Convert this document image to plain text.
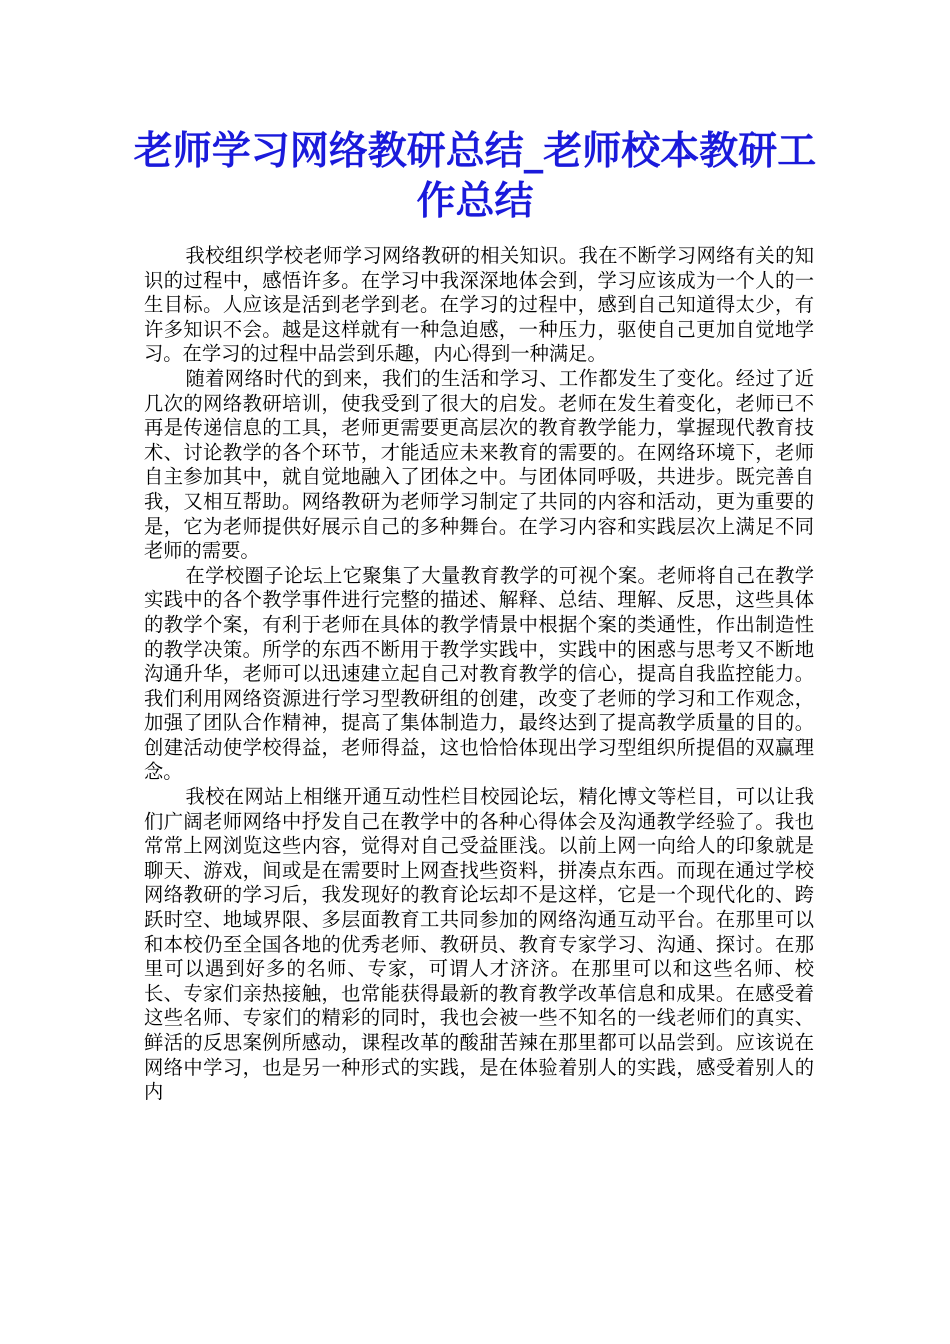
老师学习网络教研总结_老师校本教研工作总结

我校组织学校老师学习网络教研的相关知识。我在不断学习网络有关的知识的过程中，感悟许多。在学习中我深深地体会到，学习应该成为一个人的一生目标。人应该是活到老学到老。在学习的过程中，感到自己知道得太少，有许多知识不会。越是这样就有一种急迫感，一种压力，驱使自己更加自觉地学习。在学习的过程中品尝到乐趣，内心得到一种满足。

随着网络时代的到来，我们的生活和学习、工作都发生了变化。经过了近几次的网络教研培训，使我受到了很大的启发。老师在发生着变化，老师已不再是传递信息的工具，老师更需要更高层次的教育教学能力，掌握现代教育技术、讨论教学的各个环节，才能适应未来教育的需要的。在网络环境下，老师自主参加其中，就自觉地融入了团体之中。与团体同呼吸，共进步。既完善自我，又相互帮助。网络教研为老师学习制定了共同的内容和活动，更为重要的是，它为老师提供好展示自己的多种舞台。在学习内容和实践层次上满足不同老师的需要。

在学校圈子论坛上它聚集了大量教育教学的可视个案。老师将自己在教学实践中的各个教学事件进行完整的描述、解释、总结、理解、反思，这些具体的教学个案，有利于老师在具体的教学情景中根据个案的类通性，作出制造性的教学决策。所学的东西不断用于教学实践中，实践中的困惑与思考又不断地沟通升华，老师可以迅速建立起自己对教育教学的信心，提高自我监控能力。我们利用网络资源进行学习型教研组的创建，改变了老师的学习和工作观念，加强了团队合作精神，提高了集体制造力，最终达到了提高教学质量的目的。创建活动使学校得益，老师得益，这也恰恰体现出学习型组织所提倡的双赢理念。

我校在网站上相继开通互动性栏目校园论坛，精化博文等栏目，可以让我们广阔老师网络中抒发自己在教学中的各种心得体会及沟通教学经验了。我也常常上网浏览这些内容，觉得对自己受益匪浅。以前上网一向给人的印象就是聊天、游戏，间或是在需要时上网查找些资料，拼凑点东西。而现在通过学校网络教研的学习后，我发现好的教育论坛却不是这样，它是一个现代化的、跨跃时空、地域界限、多层面教育工共同参加的网络沟通互动平台。在那里可以和本校仍至全国各地的优秀老师、教研员、教育专家学习、沟通、探讨。在那里可以遇到好多的名师、专家，可谓人才济济。在那里可以和这些名师、校长、专家们亲热接触，也常能获得最新的教育教学改革信息和成果。在感受着这些名师、专家们的精彩的同时，我也会被一些不知名的一线老师们的真实、鲜活的反思案例所感动，课程改革的酸甜苦辣在那里都可以品尝到。应该说在网络中学习，也是另一种形式的实践，是在体验着别人的实践，感受着别人的内
